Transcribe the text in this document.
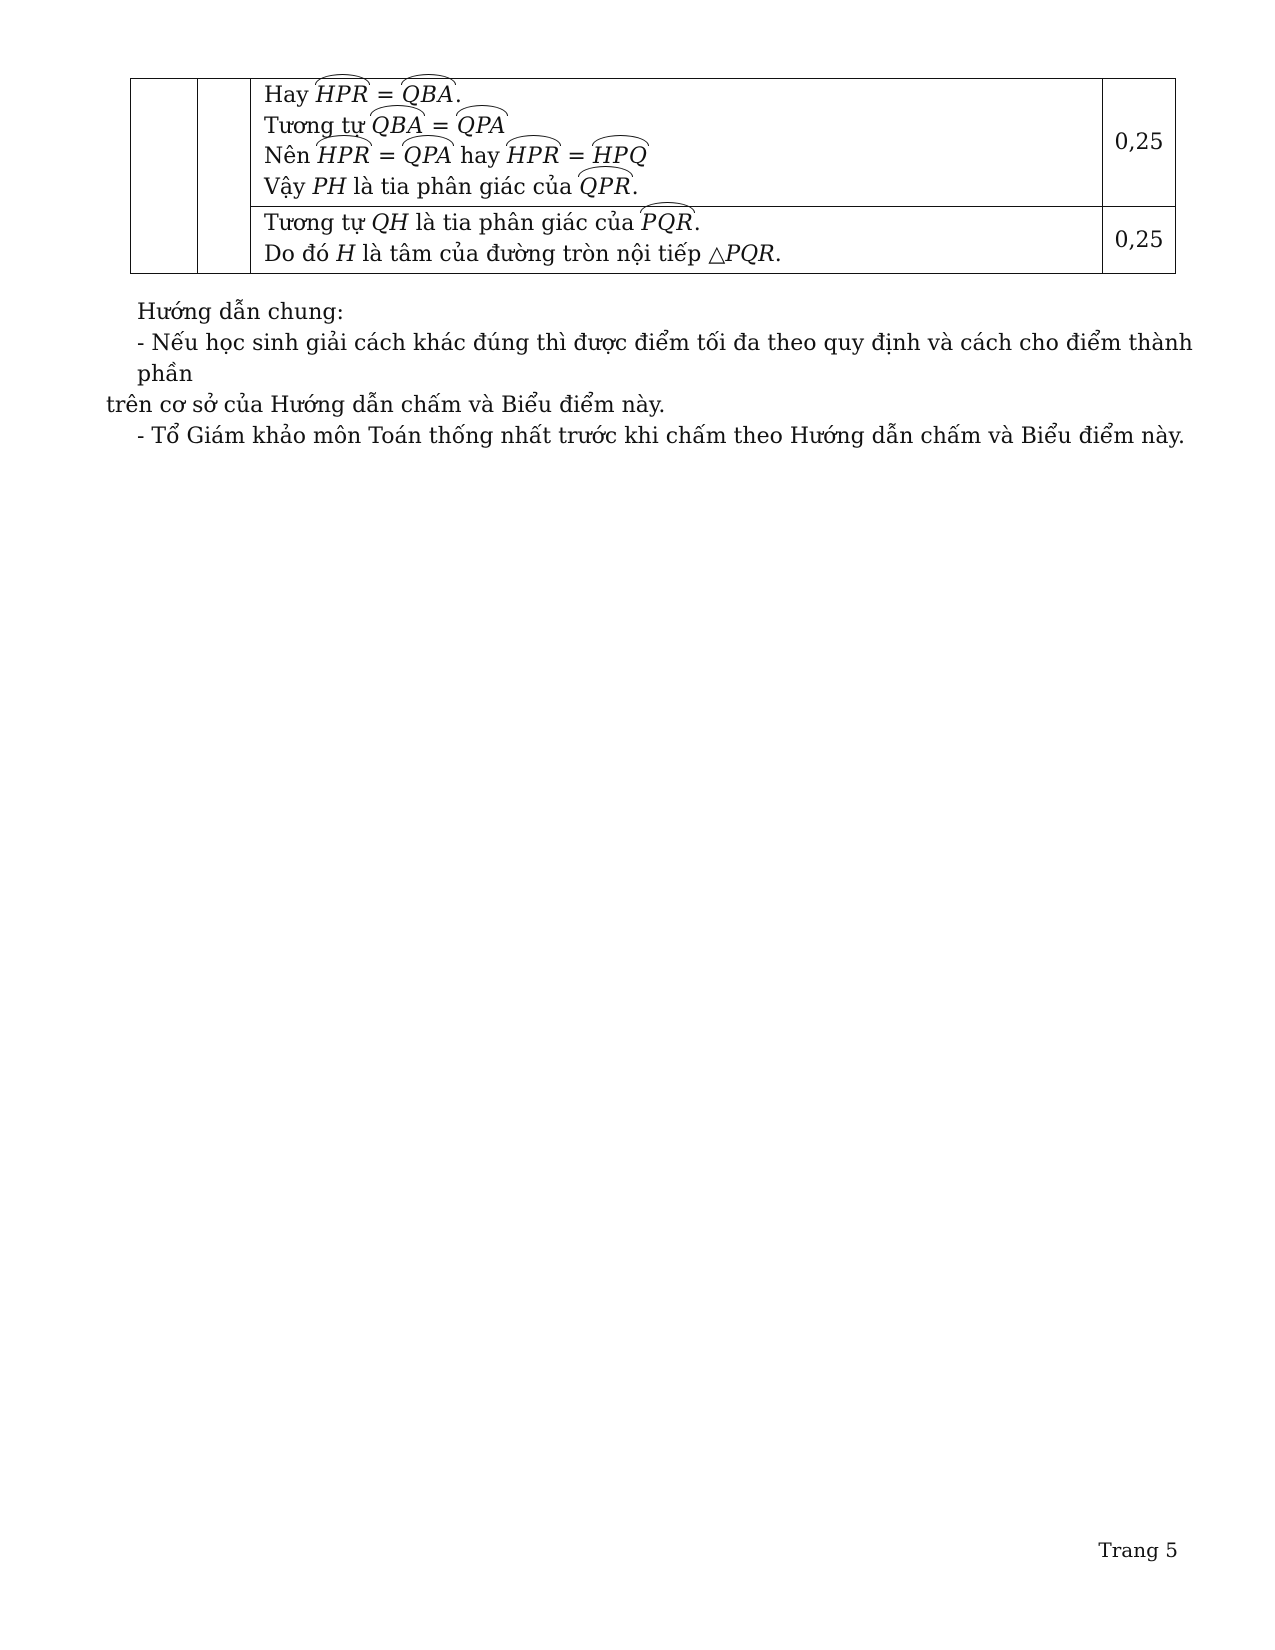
		Hay HPR = QBA.
Tương tự QBA = QPA
Nên HPR = QPA hay HPR = HPQ
Vậy PH là tia phân giác của QPR.	0,25

		Tương tự QH là tia phân giác của PQR.
Do đó H là tâm của đường tròn nội tiếp △PQR.	0,25

Hướng dẫn chung:

- Nếu học sinh giải cách khác đúng thì được điểm tối đa theo quy định và cách cho điểm thành phần

trên cơ sở của Hướng dẫn chấm và Biểu điểm này.

- Tổ Giám khảo môn Toán thống nhất trước khi chấm theo Hướng dẫn chấm và Biểu điểm này.

Trang 5
